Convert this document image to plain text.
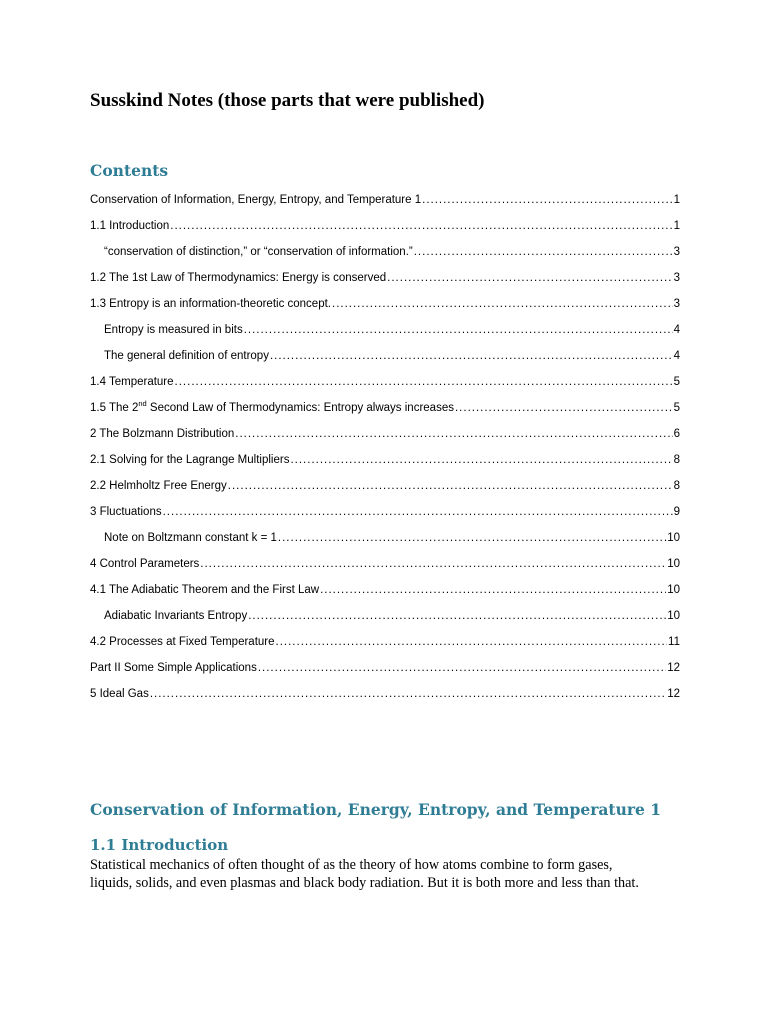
Susskind Notes (those parts that were published)
Contents
Conservation of Information, Energy, Entropy, and Temperature 1 .....	1
1.1 Introduction .....	1
“conservation of distinction,” or “conservation of information.” .....	3
1.2 The 1st Law of Thermodynamics: Energy is conserved .....	3
1.3 Entropy is an information-theoretic concept. .....	3
Entropy is measured in bits .....	4
The general definition of entropy .....	4
1.4 Temperature .....	5
1.5 The 2nd Second Law of Thermodynamics: Entropy always increases .....	5
2 The Bolzmann Distribution .....	6
2.1 Solving for the Lagrange Multipliers .....	8
2.2 Helmholtz Free Energy .....	8
3 Fluctuations .....	9
Note on Boltzmann constant k = 1 .....	10
4 Control Parameters .....	10
4.1 The Adiabatic Theorem and the First Law .....	10
Adiabatic Invariants Entropy .....	10
4.2 Processes at Fixed Temperature .....	11
Part II Some Simple Applications .....	12
5 Ideal Gas .....	12
Conservation of Information, Energy, Entropy, and Temperature 1
1.1 Introduction
Statistical mechanics of often thought of as the theory of how atoms combine to form gases,
liquids, solids, and even plasmas and black body radiation. But it is both more and less than that.
